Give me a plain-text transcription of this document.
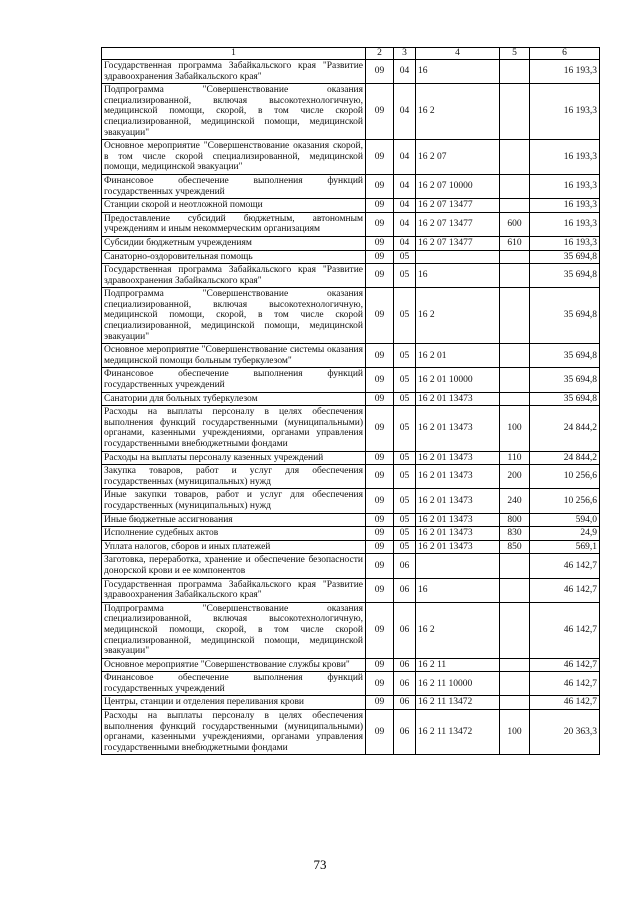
1	2	3	4	5	6
Государственная программа Забайкальского края "Развитие здравоохранения Забайкальского края"	09	04	16		16 193,3
Подпрограмма "Совершенствование оказания специализированной, включая высокотехнологичную, медицинской помощи, скорой, в том числе скорой специализированной, медицинской помощи, медицинской эвакуации"	09	04	16 2		16 193,3
Основное мероприятие "Совершенствование оказания скорой, в том числе скорой специализированной, медицинской помощи, медицинской эвакуации"	09	04	16 2 07		16 193,3
Финансовое обеспечение выполнения функций государственных учреждений	09	04	16 2 07 10000		16 193,3
Станции скорой и неотложной помощи	09	04	16 2 07 13477		16 193,3
Предоставление субсидий бюджетным, автономным учреждениям и иным некоммерческим организациям	09	04	16 2 07 13477	600	16 193,3
Субсидии бюджетным учреждениям	09	04	16 2 07 13477	610	16 193,3
Санаторно-оздоровительная помощь	09	05			35 694,8
Государственная программа Забайкальского края "Развитие здравоохранения Забайкальского края"	09	05	16		35 694,8
Подпрограмма "Совершенствование оказания специализированной, включая высокотехнологичную, медицинской помощи, скорой, в том числе скорой специализированной, медицинской помощи, медицинской эвакуации"	09	05	16 2		35 694,8
Основное мероприятие "Совершенствование системы оказания медицинской помощи больным туберкулезом"	09	05	16 2 01		35 694,8
Финансовое обеспечение выполнения функций государственных учреждений	09	05	16 2 01 10000		35 694,8
Санатории для больных туберкулезом	09	05	16 2 01 13473		35 694,8
Расходы на выплаты персоналу в целях обеспечения выполнения функций государственными (муниципальными) органами, казенными учреждениями, органами управления государственными внебюджетными фондами	09	05	16 2 01 13473	100	24 844,2
Расходы на выплаты персоналу казенных учреждений	09	05	16 2 01 13473	110	24 844,2
Закупка товаров, работ и услуг для обеспечения государственных (муниципальных) нужд	09	05	16 2 01 13473	200	10 256,6
Иные закупки товаров, работ и услуг для обеспечения государственных (муниципальных) нужд	09	05	16 2 01 13473	240	10 256,6
Иные бюджетные ассигнования	09	05	16 2 01 13473	800	594,0
Исполнение судебных актов	09	05	16 2 01 13473	830	24,9
Уплата налогов, сборов и иных платежей	09	05	16 2 01 13473	850	569,1
Заготовка, переработка, хранение и обеспечение безопасности донорской крови и ее компонентов	09	06			46 142,7
Государственная программа Забайкальского края "Развитие здравоохранения Забайкальского края"	09	06	16		46 142,7
Подпрограмма "Совершенствование оказания специализированной, включая высокотехнологичную, медицинской помощи, скорой, в том числе скорой специализированной, медицинской помощи, медицинской эвакуации"	09	06	16 2		46 142,7
Основное мероприятие "Совершенствование службы крови"	09	06	16 2 11		46 142,7
Финансовое обеспечение выполнения функций государственных учреждений	09	06	16 2 11 10000		46 142,7
Центры, станции и отделения переливания крови	09	06	16 2 11 13472		46 142,7
Расходы на выплаты персоналу в целях обеспечения выполнения функций государственными (муниципальными) органами, казенными учреждениями, органами управления государственными внебюджетными фондами	09	06	16 2 11 13472	100	20 363,3
73
